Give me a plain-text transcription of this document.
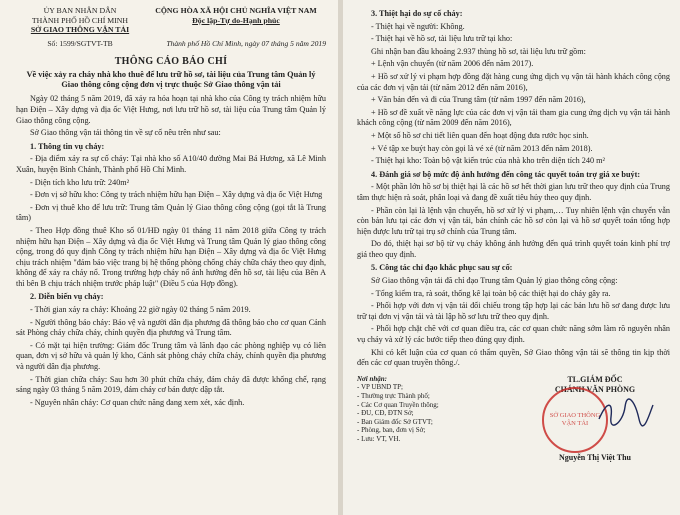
ỦY BAN NHÂN DÂN
THÀNH PHỐ HỒ CHÍ MINH
SỞ GIAO THÔNG VẬN TẢI
CỘNG HÒA XÃ HỘI CHỦ NGHĨA VIỆT NAM
Độc lập-Tự do-Hạnh phúc
Số: 1599/SGTVT-TB	Thành phố Hồ Chí Minh, ngày 07 tháng 5 năm 2019
THÔNG CÁO BÁO CHÍ
Về việc xảy ra cháy nhà kho thuê để lưu trữ hồ sơ, tài liệu của Trung tâm Quản lý Giao thông công cộng đơn vị trực thuộc Sở Giao thông vận tải

Ngày 02 tháng 5 năm 2019, đã xảy ra hỏa hoạn tại nhà kho của Công ty trách nhiệm hữu hạn Điện – Xây dựng và địa ốc Việt Hưng, nơi lưu trữ hồ sơ, tài liệu của Trung tâm Quản lý Giao thông công cộng.

Sở Giao thông vận tải thông tin về sự cố nêu trên như sau:

1. Thông tin vụ cháy:
- Địa điểm xảy ra sự cố cháy: Tại nhà kho số A10/40 đường Mai Bá Hương, xã Lê Minh Xuân, huyện Bình Chánh, Thành phố Hồ Chí Minh.
- Diện tích kho lưu trữ: 240m²
- Đơn vị sở hữu kho: Công ty trách nhiệm hữu hạn Điện – Xây dựng và địa ốc Việt Hưng
- Đơn vị thuê kho để lưu trữ: Trung tâm Quản lý Giao thông công cộng (gọi tắt là Trung tâm)
- Theo Hợp đồng thuê Kho số 01/HĐ ngày 01 tháng 11 năm 2018 giữa Công ty trách nhiệm hữu hạn Điện – Xây dựng và địa ốc Việt Hưng và Trung tâm Quản lý giao thông công cộng, trong đó quy định Công ty trách nhiệm hữu hạn Điện – Xây dựng và địa ốc Việt Hưng chịu trách nhiệm "đảm bảo việc trang bị hệ thống phòng chống cháy chữa cháy theo quy định, không để xảy ra cháy nổ. Trong trường hợp cháy nổ ảnh hưởng đến hồ sơ, tài liệu của Bên A thì bên B chịu trách nhiệm trước pháp luật" (Điều 5 của Hợp đồng).
2. Diễn biến vụ cháy:
- Thời gian xảy ra cháy: Khoảng 22 giờ ngày 02 tháng 5 năm 2019.
- Người thông báo cháy: Bảo vệ và người dân địa phương đã thông báo cho cơ quan Cảnh sát Phòng cháy chữa cháy, chính quyền địa phương và Trung tâm.
- Có mặt tại hiện trường: Giám đốc Trung tâm và lãnh đạo các phòng nghiệp vụ có liên quan, đơn vị sở hữu và quản lý kho, Cảnh sát phòng cháy chữa cháy, chính quyền địa phương và người dân địa phương.
- Thời gian chữa cháy: Sau hơn 30 phút chữa cháy, đám cháy đã được khống chế, rạng sáng ngày 03 tháng 5 năm 2019, đám cháy cơ bản được dập tắt.
- Nguyên nhân cháy: Cơ quan chức năng đang xem xét, xác định.
3. Thiệt hại do sự cố cháy:
- Thiệt hại về người: Không.
- Thiệt hại về hồ sơ, tài liệu lưu trữ tại kho:
Ghi nhận ban đầu khoảng 2.937 thùng hồ sơ, tài liệu lưu trữ gồm:
+ Lệnh vận chuyển (từ năm 2006 đến năm 2017).
+ Hồ sơ xử lý vi phạm hợp đồng đặt hàng cung ứng dịch vụ vận tải hành khách công cộng của các đơn vị vận tải (từ năm 2012 đến năm 2016),
+ Văn bản đến và đi của Trung tâm (từ năm 1997 đến năm 2016),
+ Hồ sơ đề xuất về năng lực của các đơn vị vận tải tham gia cung ứng dịch vụ vận tải hành khách công cộng (từ năm 2009 đến năm 2016),
+ Một số hồ sơ chi tiết liên quan đến hoạt động đưa rước học sinh.
+ Vé tập xe buýt hay còn gọi là vé xé (từ năm 2013 đến năm 2018).
- Thiệt hại kho: Toàn bộ vật kiến trúc của nhà kho trên diện tích 240 m²
4. Đánh giá sơ bộ mức độ ảnh hưởng đến công tác quyết toán trợ giá xe buýt:
- Một phần lớn hồ sơ bị thiệt hại là các hồ sơ hết thời gian lưu trữ theo quy định của Trung tâm thực hiện rà soát, phân loại và đang đề xuất tiêu hủy theo quy định.
- Phần còn lại là lệnh vận chuyển, hồ sơ xử lý vi phạm,… Tuy nhiên lệnh vận chuyển vẫn còn bản lưu tại các đơn vị vận tải, bản chính các hồ sơ còn lại và hồ sơ quyết toán tổng hợp hiện được lưu trữ tại trụ sở chính của Trung tâm.
Do đó, thiệt hại sơ bộ từ vụ cháy không ảnh hưởng đến quá trình quyết toán kinh phí trợ giá theo quy định.
5. Công tác chỉ đạo khắc phục sau sự cố:
Sở Giao thông vận tải đã chỉ đạo Trung tâm Quản lý giao thông công cộng:
- Tổng kiểm tra, rà soát, thống kê lại toàn bộ các thiệt hại do cháy gây ra.
- Phối hợp với đơn vị vận tải đối chiếu trong tập hợp lại các bản lưu hồ sơ đang được lưu trữ tại đơn vị vận tải và tài lập hồ sơ lưu trữ theo quy định.
- Phối hợp chặt chẽ với cơ quan điều tra, các cơ quan chức năng sớm làm rõ nguyên nhân vụ cháy và xử lý các bước tiếp theo đúng quy định.
Khi có kết luận của cơ quan có thẩm quyền, Sở Giao thông vận tải sẽ thông tin kịp thời đến các cơ quan truyền thông./.
Nơi nhận:
- VP UBND TP;
- Thường trực Thành phố;
- Các Cơ quan Truyền thông;
- ĐU, CĐ, ĐTN Sở;
- Ban Giám đốc Sở GTVT;
- Phòng, ban, đơn vị Sở;
- Lưu: VT, VH.
TL.GIÁM ĐỐC
CHÁNH VĂN PHÒNG
SỞ GIAO THÔNG VẬN TẢI
Nguyễn Thị Việt Thu
